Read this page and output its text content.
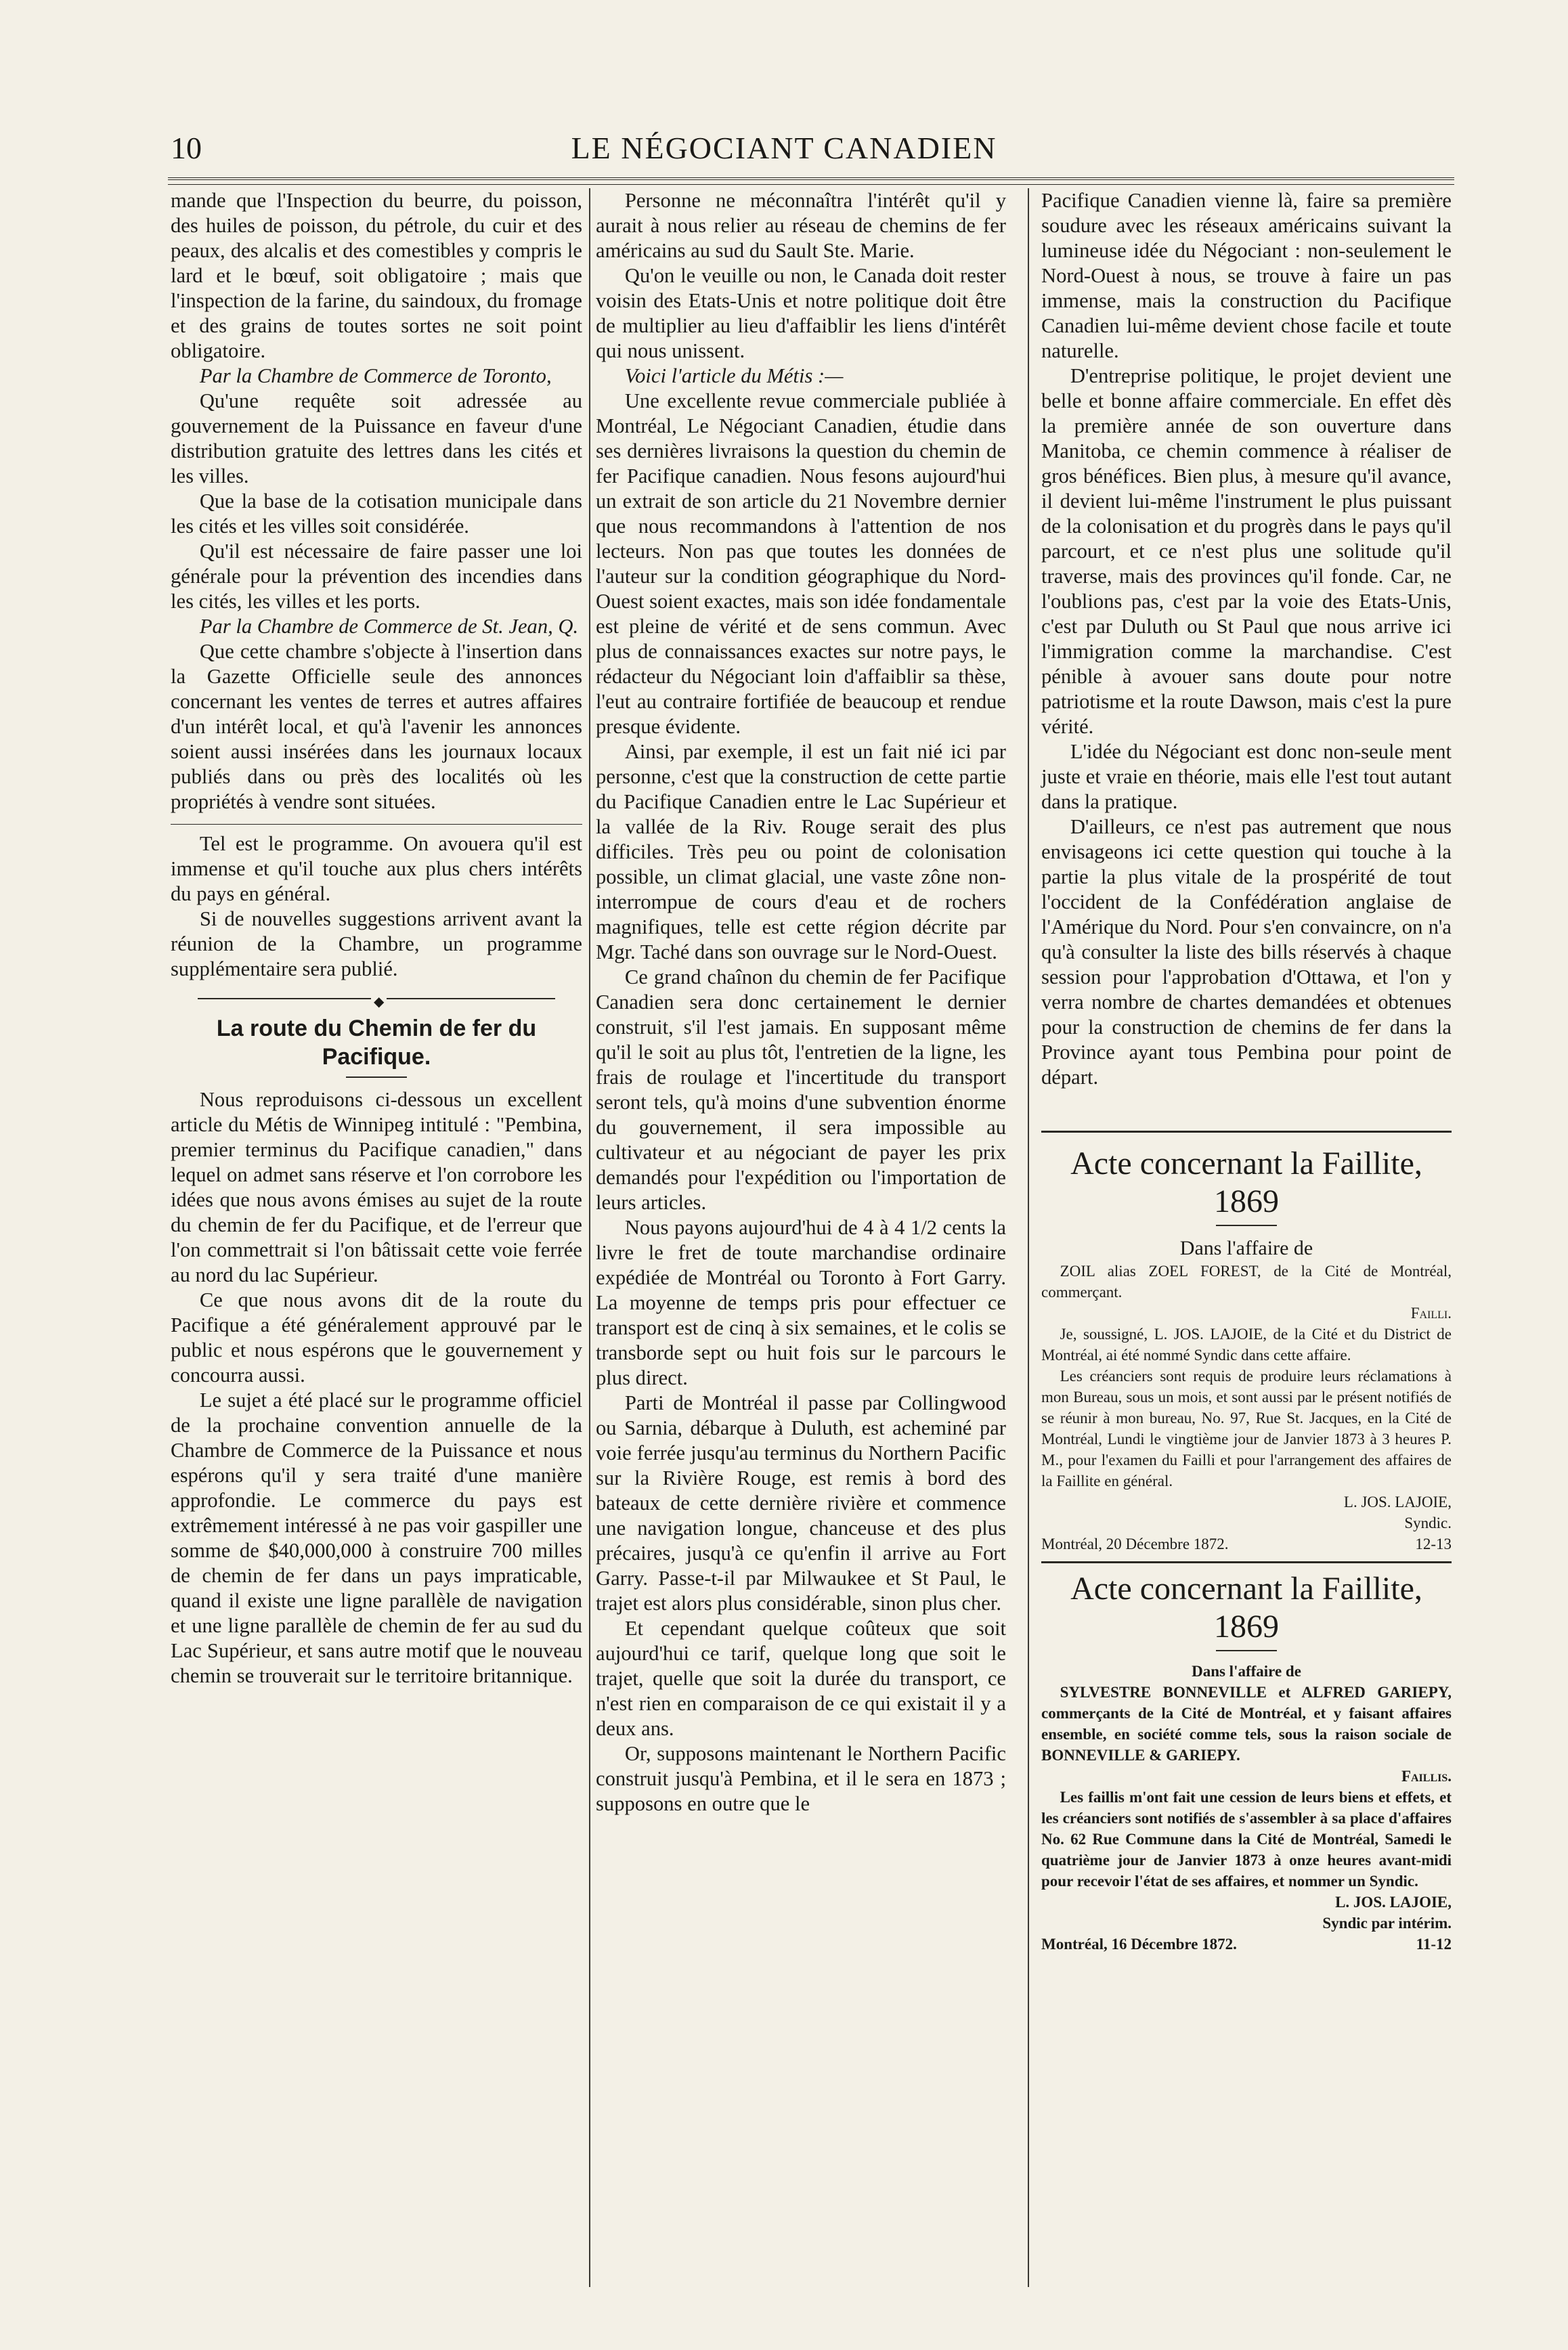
10	LE NÉGOCIANT CANADIEN

mande que l'Inspection du beurre, du poisson, des huiles de poisson, du pétrole, du cuir et des peaux, des alcalis et des comestibles y compris le lard et le bœuf, soit obligatoire ; mais que l'inspection de la farine, du saindoux, du fromage et des grains de toutes sortes ne soit point obligatoire.

Par la Chambre de Commerce de Toronto,

Qu'une requête soit adressée au gouvernement de la Puissance en faveur d'une distribution gratuite des lettres dans les cités et les villes.

Que la base de la cotisation municipale dans les cités et les villes soit considérée.

Qu'il est nécessaire de faire passer une loi générale pour la prévention des incendies dans les cités, les villes et les ports.

Par la Chambre de Commerce de St. Jean, Q.

Que cette chambre s'objecte à l'insertion dans la Gazette Officielle seule des annonces concernant les ventes de terres et autres affaires d'un intérêt local, et qu'à l'avenir les annonces soient aussi insérées dans les journaux locaux publiés dans ou près des localités où les propriétés à vendre sont situées.

Tel est le programme. On avouera qu'il est immense et qu'il touche aux plus chers intérêts du pays en général.

Si de nouvelles suggestions arrivent avant la réunion de la Chambre, un programme supplémentaire sera publié.

◆
La route du Chemin de fer du Pacifique.

Nous reproduisons ci-dessous un excellent article du Métis de Winnipeg intitulé : "Pembina, premier terminus du Pacifique canadien," dans lequel on admet sans réserve et l'on corrobore les idées que nous avons émises au sujet de la route du chemin de fer du Pacifique, et de l'erreur que l'on commettrait si l'on bâtissait cette voie ferrée au nord du lac Supérieur.

Ce que nous avons dit de la route du Pacifique a été généralement approuvé par le public et nous espérons que le gouvernement y concourra aussi.

Le sujet a été placé sur le programme officiel de la prochaine convention annuelle de la Chambre de Commerce de la Puissance et nous espérons qu'il y sera traité d'une manière approfondie. Le commerce du pays est extrêmement intéressé à ne pas voir gaspiller une somme de $40,000,000 à construire 700 milles de chemin de fer dans un pays impraticable, quand il existe une ligne parallèle de navigation et une ligne parallèle de chemin de fer au sud du Lac Supérieur, et sans autre motif que le nouveau chemin se trouverait sur le territoire britannique.

Personne ne méconnaîtra l'intérêt qu'il y aurait à nous relier au réseau de chemins de fer américains au sud du Sault Ste. Marie.

Qu'on le veuille ou non, le Canada doit rester voisin des Etats-Unis et notre politique doit être de multiplier au lieu d'affaiblir les liens d'intérêt qui nous unissent.

Voici l'article du Métis :—

Une excellente revue commerciale publiée à Montréal, Le Négociant Canadien, étudie dans ses dernières livraisons la question du chemin de fer Pacifique canadien. Nous fesons aujourd'hui un extrait de son article du 21 Novembre dernier que nous recommandons à l'attention de nos lecteurs. Non pas que toutes les données de l'auteur sur la condition géographique du Nord-Ouest soient exactes, mais son idée fondamentale est pleine de vérité et de sens commun. Avec plus de connaissances exactes sur notre pays, le rédacteur du Négociant loin d'affaiblir sa thèse, l'eut au contraire fortifiée de beaucoup et rendue presque évidente.

Ainsi, par exemple, il est un fait nié ici par personne, c'est que la construction de cette partie du Pacifique Canadien entre le Lac Supérieur et la vallée de la Riv. Rouge serait des plus difficiles. Très peu ou point de colonisation possible, un climat glacial, une vaste zône non-interrompue de cours d'eau et de rochers magnifiques, telle est cette région décrite par Mgr. Taché dans son ouvrage sur le Nord-Ouest.

Ce grand chaînon du chemin de fer Pacifique Canadien sera donc certainement le dernier construit, s'il l'est jamais. En supposant même qu'il le soit au plus tôt, l'entretien de la ligne, les frais de roulage et l'incertitude du transport seront tels, qu'à moins d'une subvention énorme du gouvernement, il sera impossible au cultivateur et au négociant de payer les prix demandés pour l'expédition ou l'importation de leurs articles.

Nous payons aujourd'hui de 4 à 4 1/2 cents la livre le fret de toute marchandise ordinaire expédiée de Montréal ou Toronto à Fort Garry. La moyenne de temps pris pour effectuer ce transport est de cinq à six semaines, et le colis se transborde sept ou huit fois sur le parcours le plus direct.

Parti de Montréal il passe par Collingwood ou Sarnia, débarque à Duluth, est acheminé par voie ferrée jusqu'au terminus du Northern Pacific sur la Rivière Rouge, est remis à bord des bateaux de cette dernière rivière et commence une navigation longue, chanceuse et des plus précaires, jusqu'à ce qu'enfin il arrive au Fort Garry. Passe-t-il par Milwaukee et St Paul, le trajet est alors plus considérable, sinon plus cher.

Et cependant quelque coûteux que soit aujourd'hui ce tarif, quelque long que soit le trajet, quelle que soit la durée du transport, ce n'est rien en comparaison de ce qui existait il y a deux ans.

Or, supposons maintenant le Northern Pacific construit jusqu'à Pembina, et il le sera en 1873 ; supposons en outre que le

Pacifique Canadien vienne là, faire sa première soudure avec les réseaux américains suivant la lumineuse idée du Négociant : non-seulement le Nord-Ouest à nous, se trouve à faire un pas immense, mais la construction du Pacifique Canadien lui-même devient chose facile et toute naturelle.

D'entreprise politique, le projet devient une belle et bonne affaire commerciale. En effet dès la première année de son ouverture dans Manitoba, ce chemin commence à réaliser de gros bénéfices. Bien plus, à mesure qu'il avance, il devient lui-même l'instrument le plus puissant de la colonisation et du progrès dans le pays qu'il parcourt, et ce n'est plus une solitude qu'il traverse, mais des provinces qu'il fonde. Car, ne l'oublions pas, c'est par la voie des Etats-Unis, c'est par Duluth ou St Paul que nous arrive ici l'immigration comme la marchandise. C'est pénible à avouer sans doute pour notre patriotisme et la route Dawson, mais c'est la pure vérité.

L'idée du Négociant est donc non-seule ment juste et vraie en théorie, mais elle l'est tout autant dans la pratique.

D'ailleurs, ce n'est pas autrement que nous envisageons ici cette question qui touche à la partie la plus vitale de la prospérité de tout l'occident de la Confédération anglaise de l'Amérique du Nord. Pour s'en convaincre, on n'a qu'à consulter la liste des bills réservés à chaque session pour l'approbation d'Ottawa, et l'on y verra nombre de chartes demandées et obtenues pour la construction de chemins de fer dans la Province ayant tous Pembina pour point de départ.

Acte concernant la Faillite, 1869

Dans l'affaire de

ZOIL alias ZOEL FOREST, de la Cité de Montréal, commerçant.

Failli.

Je, soussigné, L. JOS. LAJOIE, de la Cité et du District de Montréal, ai été nommé Syndic dans cette affaire.

Les créanciers sont requis de produire leurs réclamations à mon Bureau, sous un mois, et sont aussi par le présent notifiés de se réunir à mon bureau, No. 97, Rue St. Jacques, en la Cité de Montréal, Lundi le vingtième jour de Janvier 1873 à 3 heures P. M., pour l'examen du Failli et pour l'arrangement des affaires de la Faillite en général.

L. JOS. LAJOIE,

Syndic.

Montréal, 20 Décembre 1872.	12-13
Acte concernant la Faillite, 1869

Dans l'affaire de

SYLVESTRE BONNEVILLE et ALFRED GARIEPY, commerçants de la Cité de Montréal, et y faisant affaires ensemble, en société comme tels, sous la raison sociale de BONNEVILLE & GARIEPY.

Faillis.

Les faillis m'ont fait une cession de leurs biens et effets, et les créanciers sont notifiés de s'assembler à sa place d'affaires No. 62 Rue Commune dans la Cité de Montréal, Samedi le quatrième jour de Janvier 1873 à onze heures avant-midi pour recevoir l'état de ses affaires, et nommer un Syndic.

L. JOS. LAJOIE,

Syndic par intérim.

Montréal, 16 Décembre 1872.	11-12
